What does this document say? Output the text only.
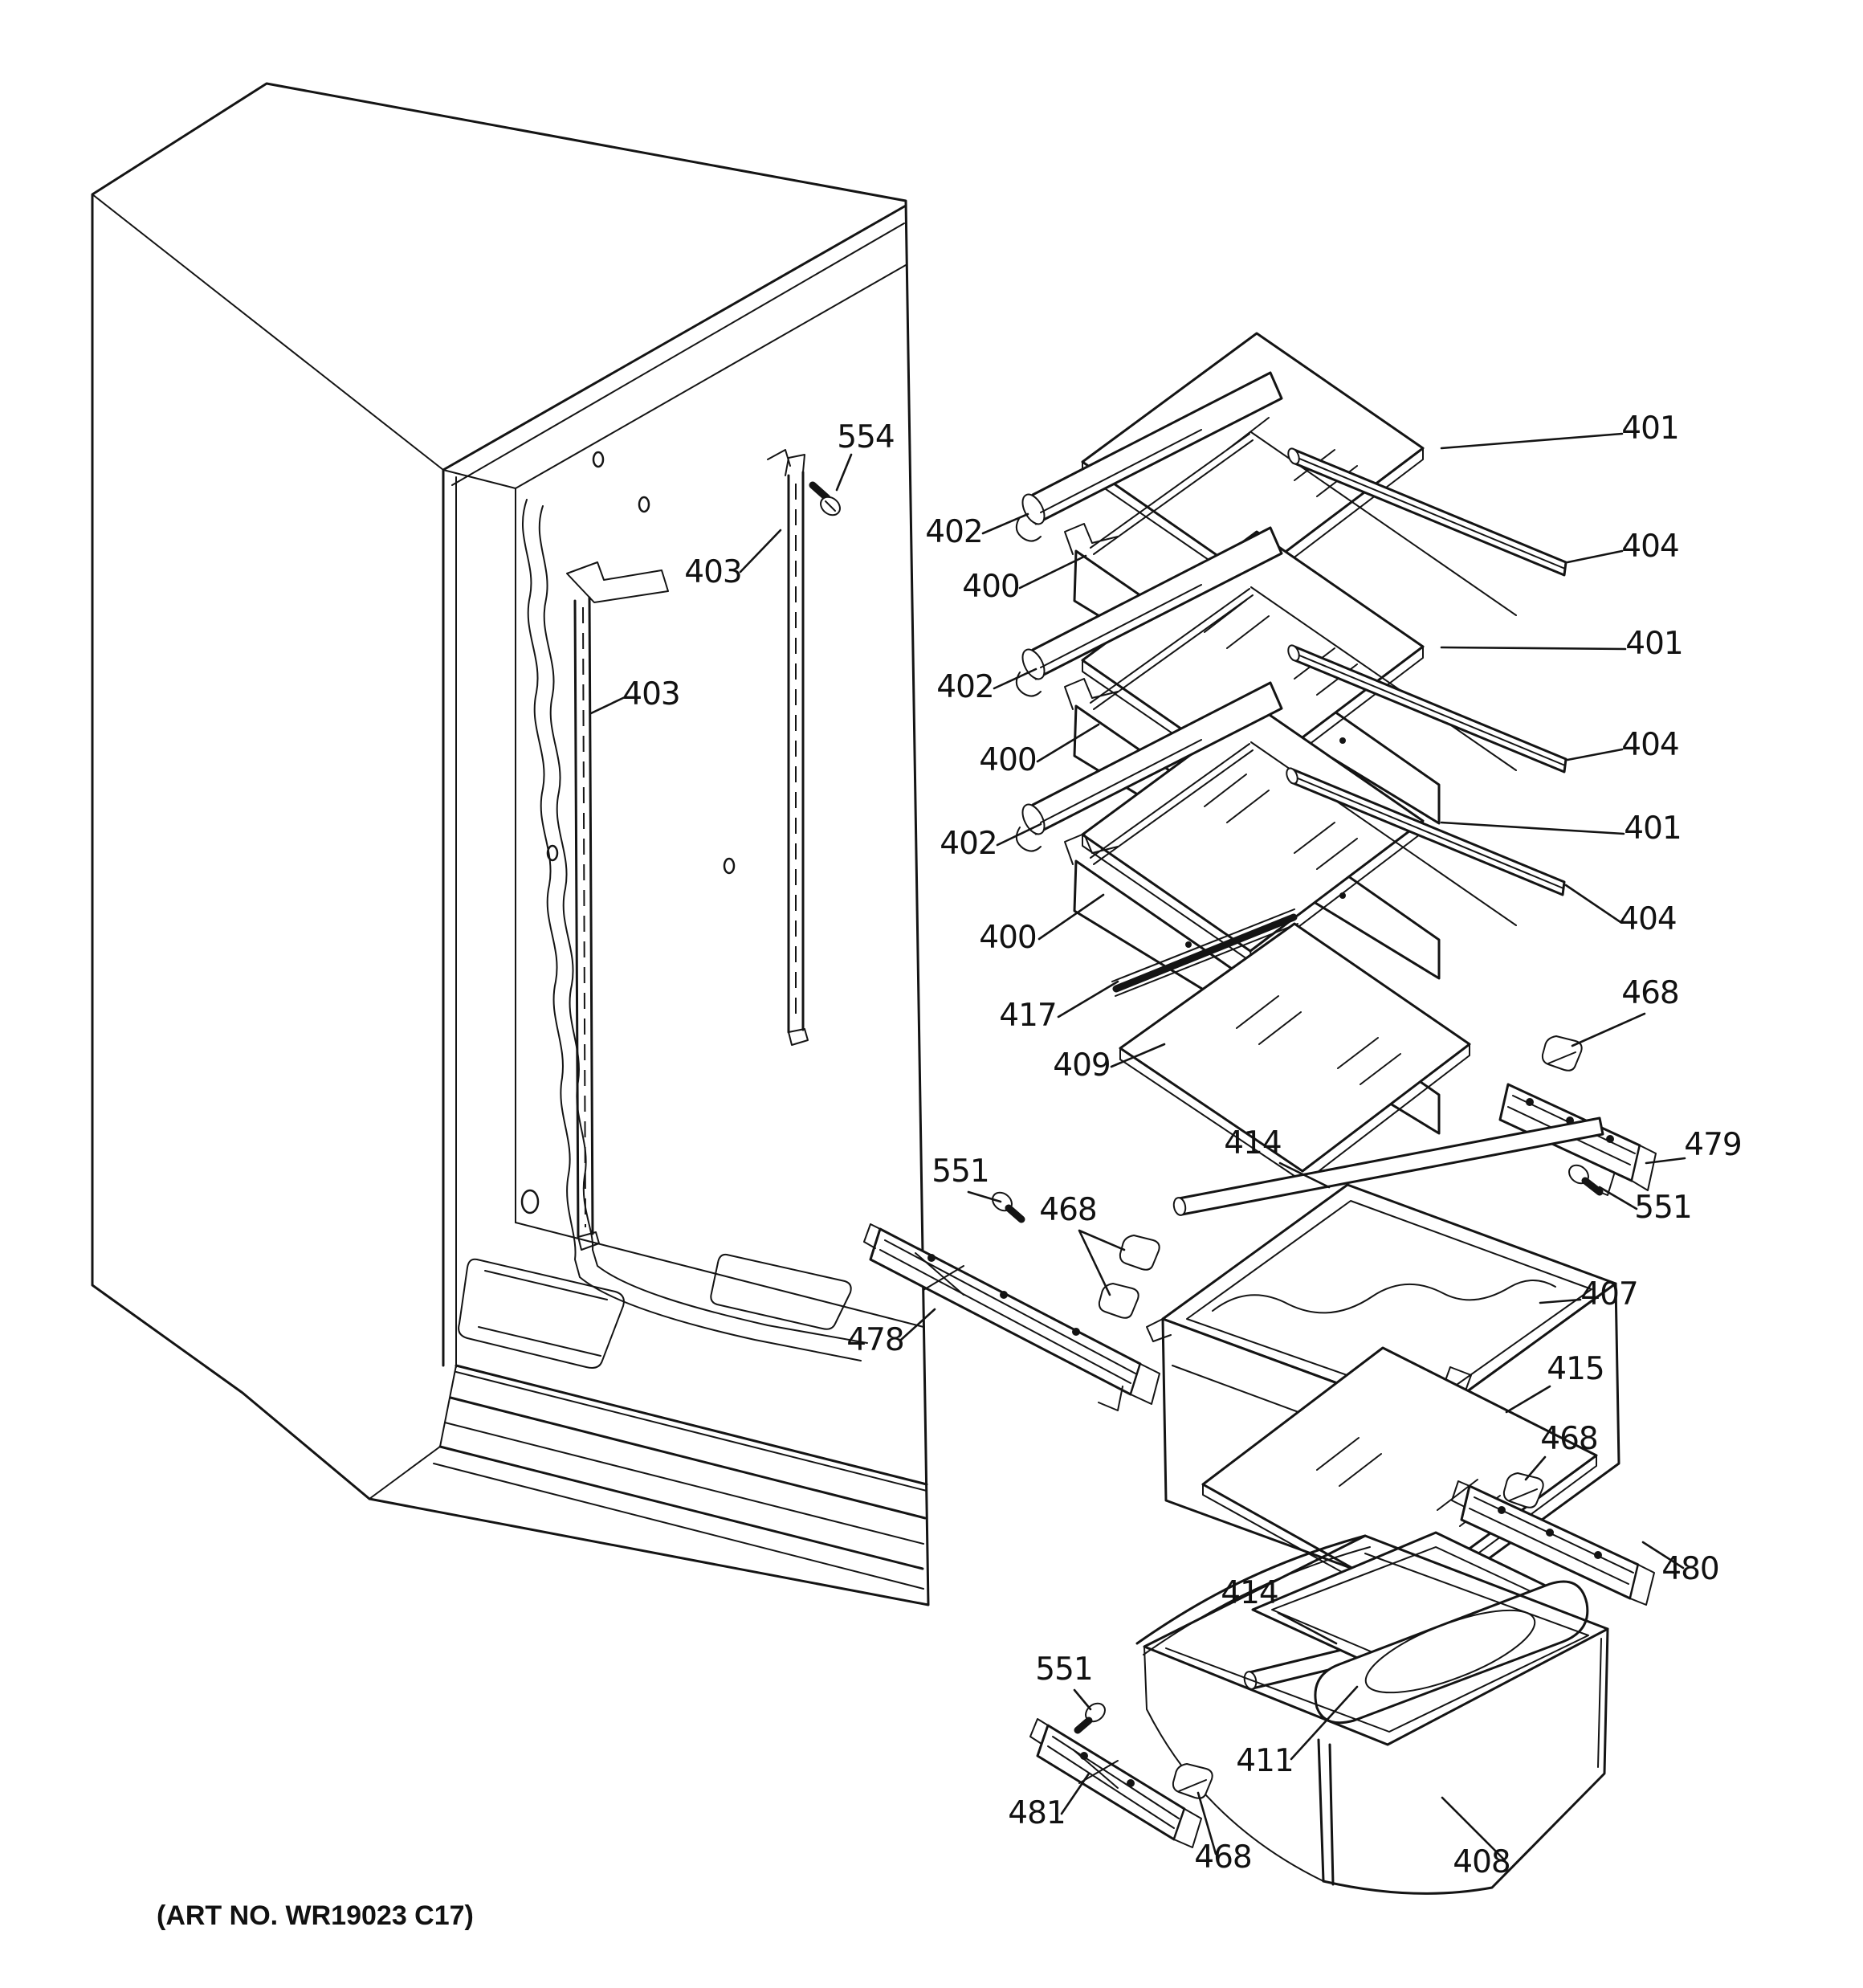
554
403
403
401
402	404
400
401
402
404
400
401
402
404
400
417
468
409
479
414
551
551
468
478
407
415
468
414
480
551
411
481
468	408
(ART NO. WR19023 C17)
